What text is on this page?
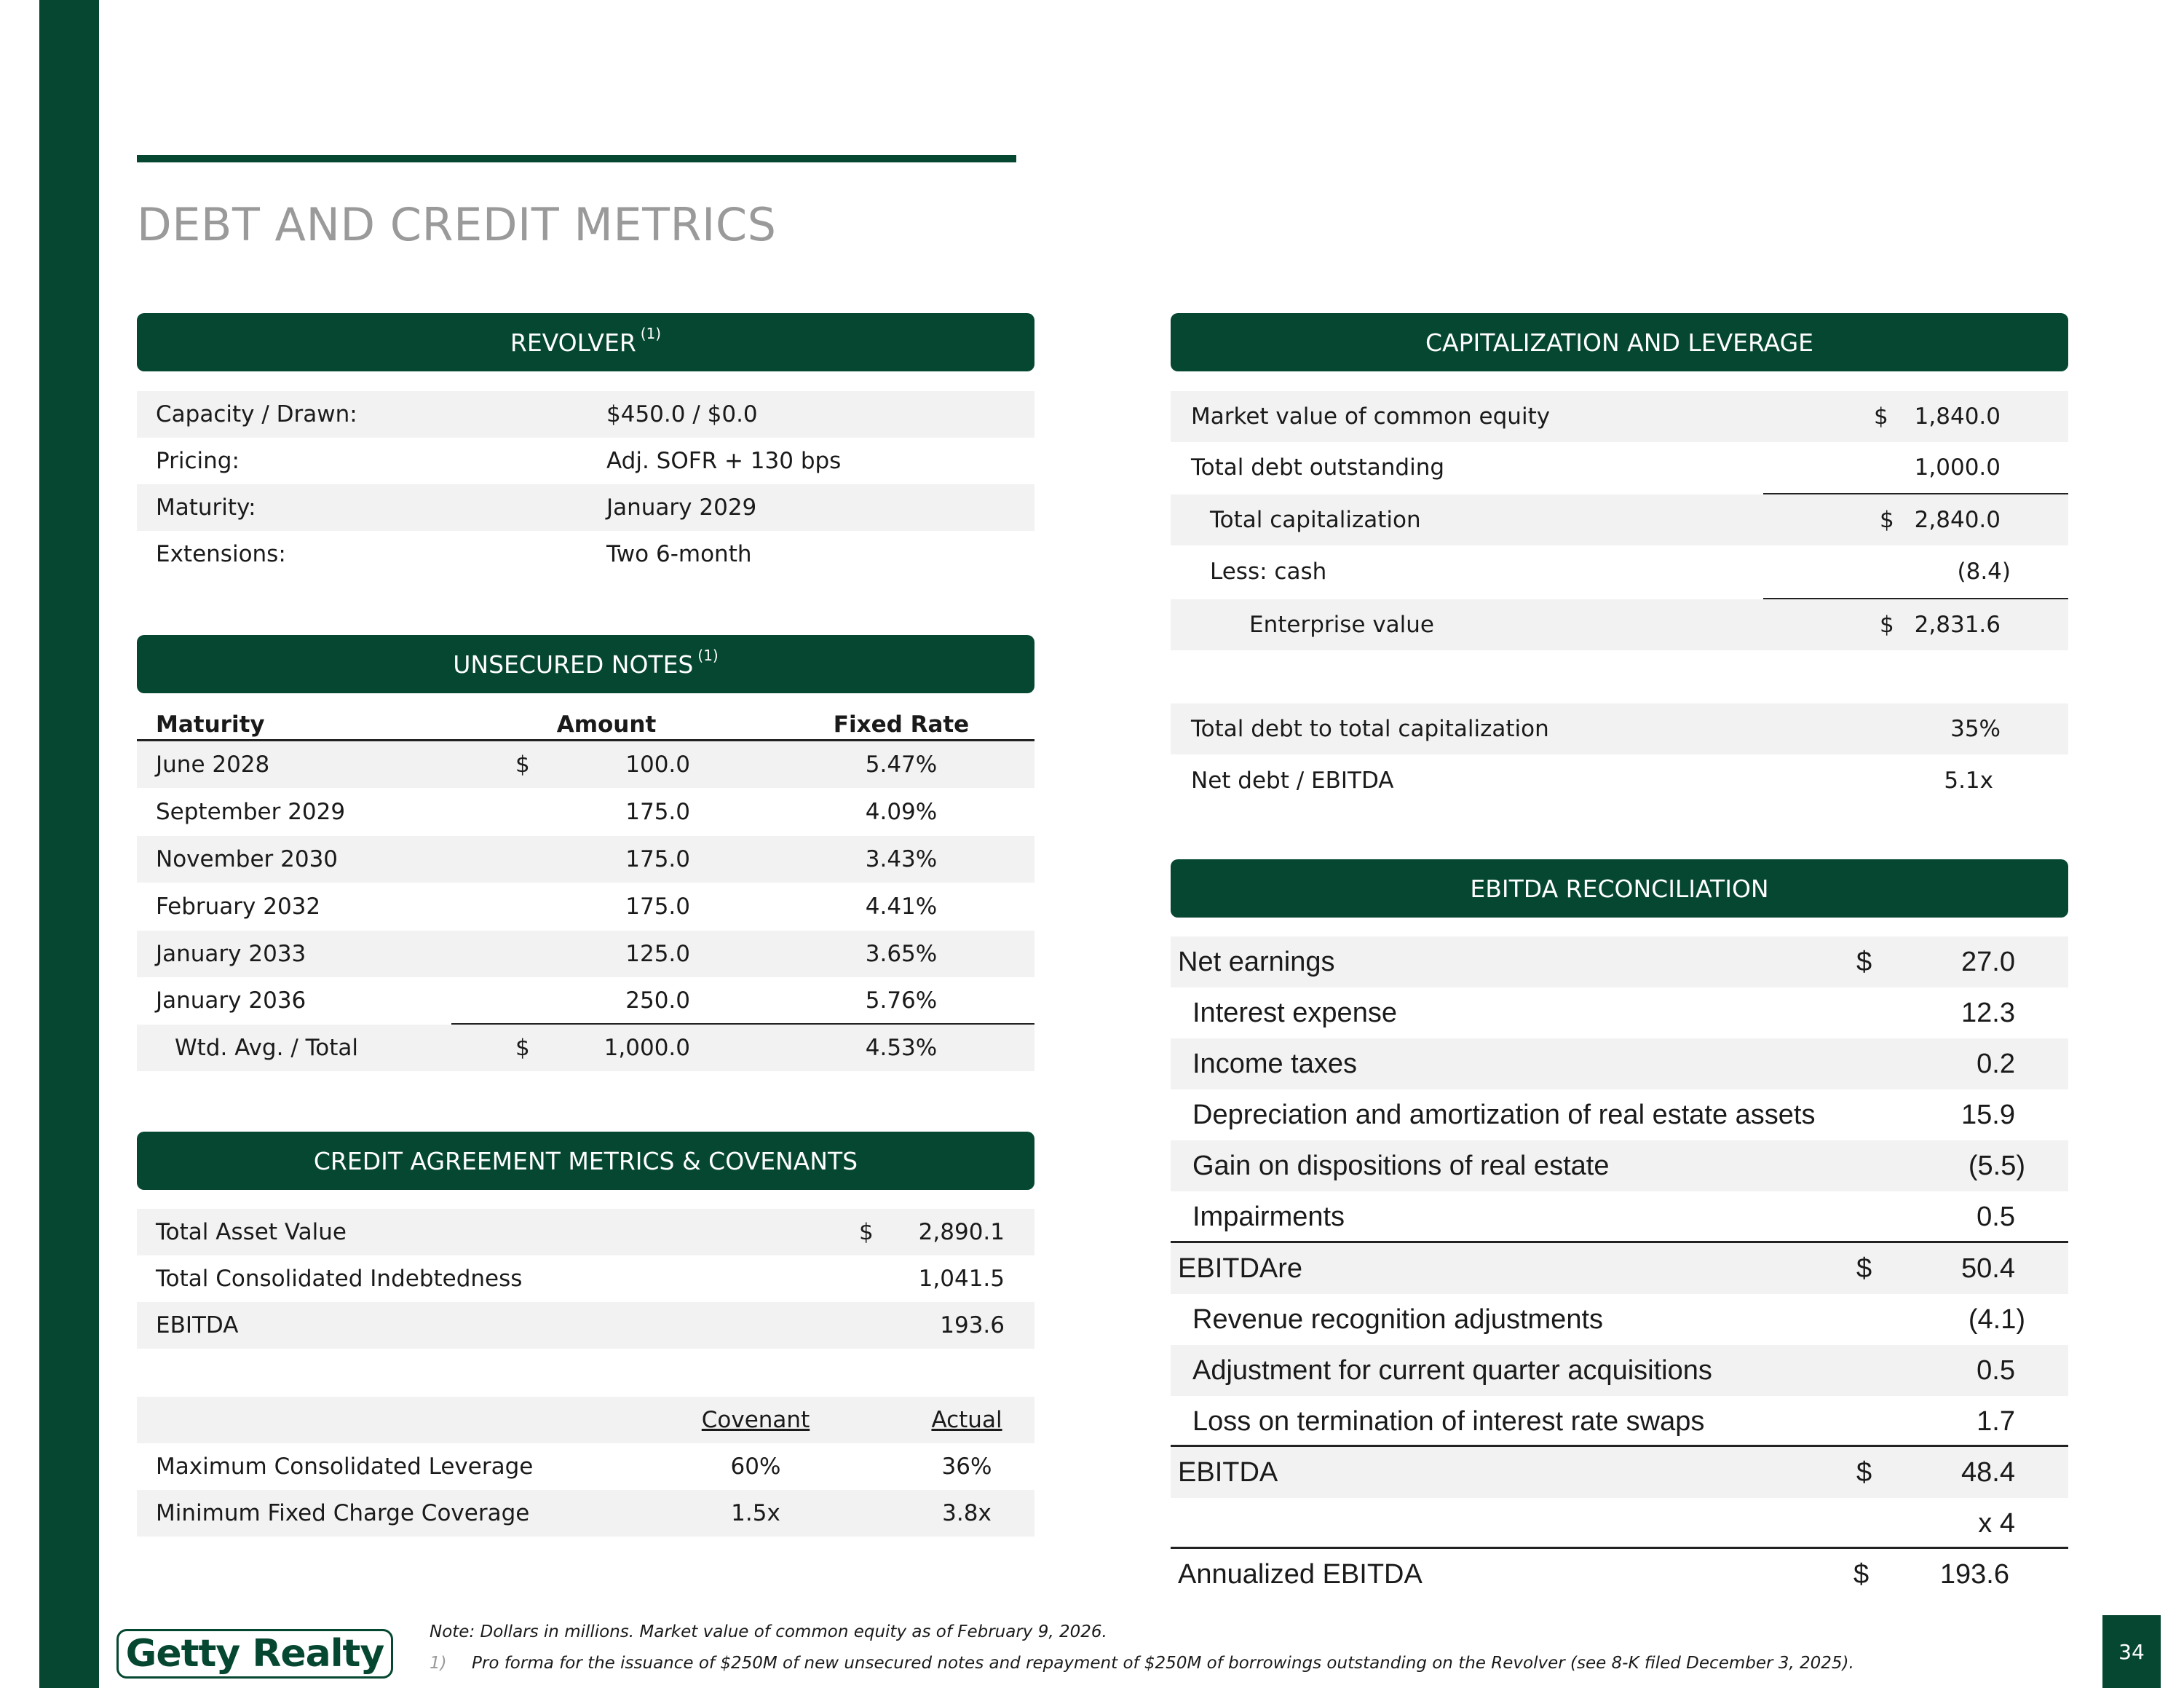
DEBT AND CREDIT METRICS
REVOLVER $^{(1)}$
Capacity / Drawn:	$450.0 / $0.0
Pricing:	Adj. SOFR + 130 bps
Maturity:	January 2029
Extensions:	Two 6-month
UNSECURED NOTES $^{(1)}$
Maturity	Amount	Fixed Rate
June 2028	$	100.0	5.47%
September 2029	175.0	4.09%
November 2030	175.0	3.43%
February 2032	175.0	4.41%
January 2033	125.0	3.65%
January 2036	250.0	5.76%
Wtd. Avg. / Total	$	1,000.0	4.53%
CREDIT AGREEMENT METRICS & COVENANTS
Total Asset Value	$	2,890.1
Total Consolidated Indebtedness	1,041.5
EBITDA	193.6
Covenant	Actual
Maximum Consolidated Leverage	60%	36%
Minimum Fixed Charge Coverage	1.5x	3.8x
CAPITALIZATION AND LEVERAGE
Market value of common equity	$	1,840.0
Total debt outstanding	1,000.0
Total capitalization	$ 2,840.0
Less: cash	(8.4)
Enterprise value	$ 2,831.6
Total debt to total capitalization	35%
Net debt / EBITDA	5.1x
EBITDA RECONCILIATION
Net earnings	$	27.0
Interest expense	12.3
Income taxes	0.2
Depreciation and amortization of real estate assets	15.9
Gain on dispositions of real estate	(5.5)
Impairments	0.5
EBITDAre	$	50.4
Revenue recognition adjustments	(4.1)
Adjustment for current quarter acquisitions	0.5
Loss on termination of interest rate swaps	1.7
EBITDA	$	48.4
x 4
Annualized EBITDA	$	193.6
Note: Dollars in millions. Market value of common equity as of February 9, 2026.
1) Pro forma for the issuance of $250M of new unsecured notes and repayment of $250M of borrowings outstanding on the Revolver (see 8-K filed December 3, 2025).
Getty Realty	34
